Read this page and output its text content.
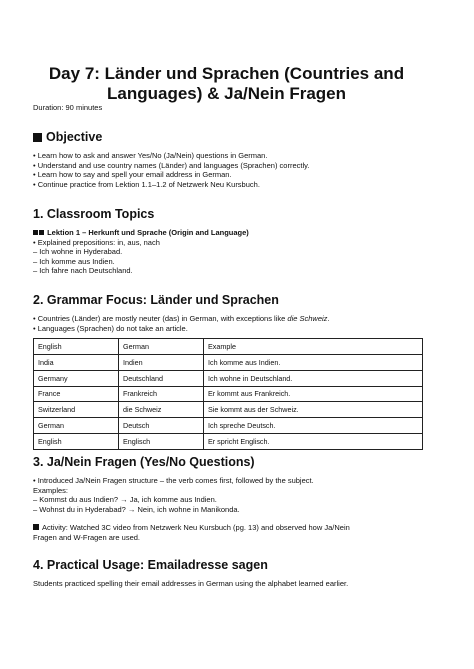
Day 7: Länder und Sprachen (Countries and
Languages) & Ja/Nein Fragen

Duration: 90 minutes

Objective

• Learn how to ask and answer Yes/No (Ja/Nein) questions in German.

• Understand and use country names (Länder) and languages (Sprachen) correctly.

• Learn how to say and spell your email address in German.

• Continue practice from Lektion 1.1–1.2 of Netzwerk Neu Kursbuch.

1. Classroom Topics

Lektion 1 – Herkunft und Sprache (Origin and Language)

• Explained prepositions: in, aus, nach

– Ich wohne in Hyderabad.

– Ich komme aus Indien.

– Ich fahre nach Deutschland.

2. Grammar Focus: Länder und Sprachen

• Countries (Länder) are mostly neuter (das) in German, with exceptions like die Schweiz.

• Languages (Sprachen) do not take an article.

English	German	Example
India	Indien	Ich komme aus Indien.
Germany	Deutschland	Ich wohne in Deutschland.
France	Frankreich	Er kommt aus Frankreich.
Switzerland	die Schweiz	Sie kommt aus der Schweiz.
German	Deutsch	Ich spreche Deutsch.
English	Englisch	Er spricht Englisch.
3. Ja/Nein Fragen (Yes/No Questions)

• Introduced Ja/Nein Fragen structure – the verb comes first, followed by the subject.

Examples:

– Kommst du aus Indien? → Ja, ich komme aus Indien.

– Wohnst du in Hyderabad? → Nein, ich wohne in Manikonda.

Activity: Watched 3C video from Netzwerk Neu Kursbuch (pg. 13) and observed how Ja/Nein

Fragen and W-Fragen are used.

4. Practical Usage: Emailadresse sagen

Students practiced spelling their email addresses in German using the alphabet learned earlier.
